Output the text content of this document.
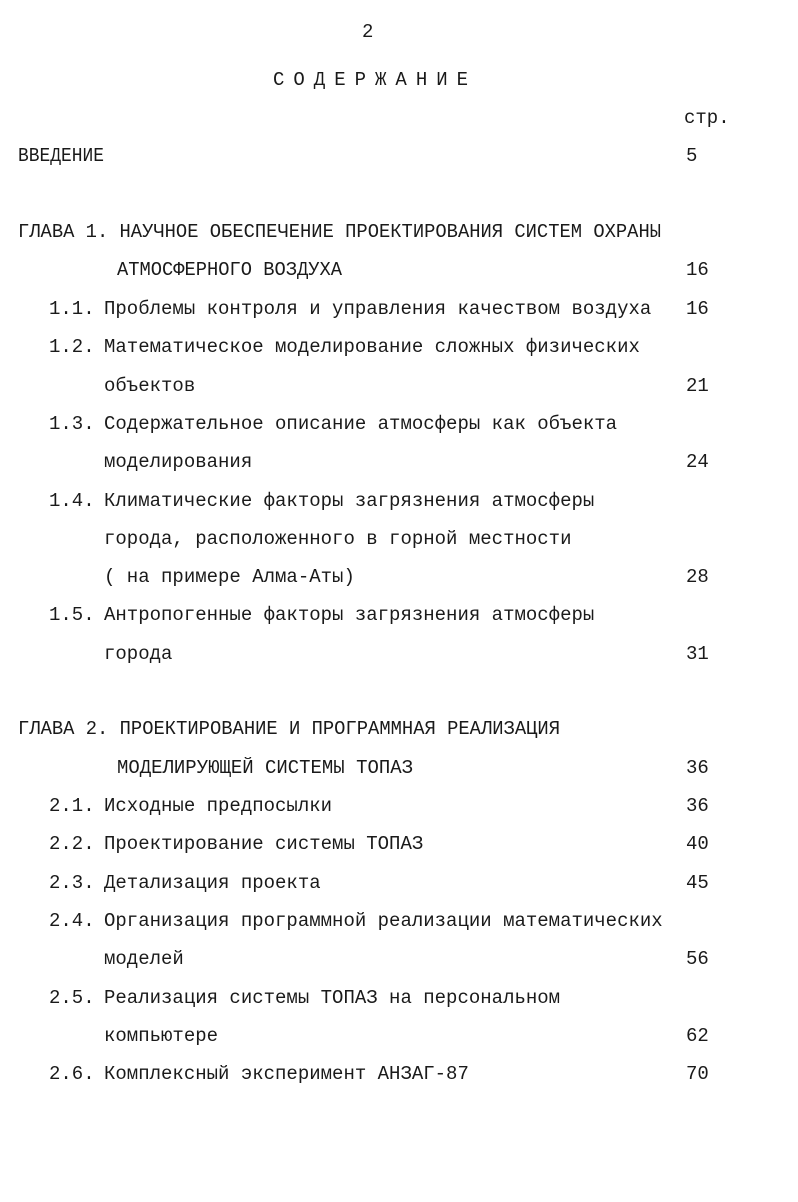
2
СОДЕРЖАНИЕ
стр.
ВВЕДЕНИЕ	5
ГЛАВА 1. НАУЧНОЕ ОБЕСПЕЧЕНИЕ ПРОЕКТИРОВАНИЯ СИСТЕМ ОХРАНЫ
АТМОСФЕРНОГО ВОЗДУХА	16
1.1. Проблемы контроля и управления качеством воздуха 16
1.2. Математическое моделирование сложных физических
объектов	21
1.3. Содержательное описание атмосферы как объекта
моделирования	24
1.4. Климатические факторы загрязнения атмосферы
города, расположенного в горной местности
( на примере Алма-Аты)	28
1.5. Антропогенные факторы загрязнения атмосферы
города	31
ГЛАВА 2. ПРОЕКТИРОВАНИЕ И ПРОГРАММНАЯ РЕАЛИЗАЦИЯ
МОДЕЛИРУЮЩЕЙ СИСТЕМЫ ТОПАЗ	36
2.1. Исходные предпосылки	36
2.2. Проектирование системы ТОПАЗ	40
2.3. Детализация проекта	45
2.4. Организация программной реализации математических
моделей	56
2.5. Реализация системы ТОПАЗ на персональном
компьютере	62
2.6. Комплексный эксперимент АНЗАГ-87	70
